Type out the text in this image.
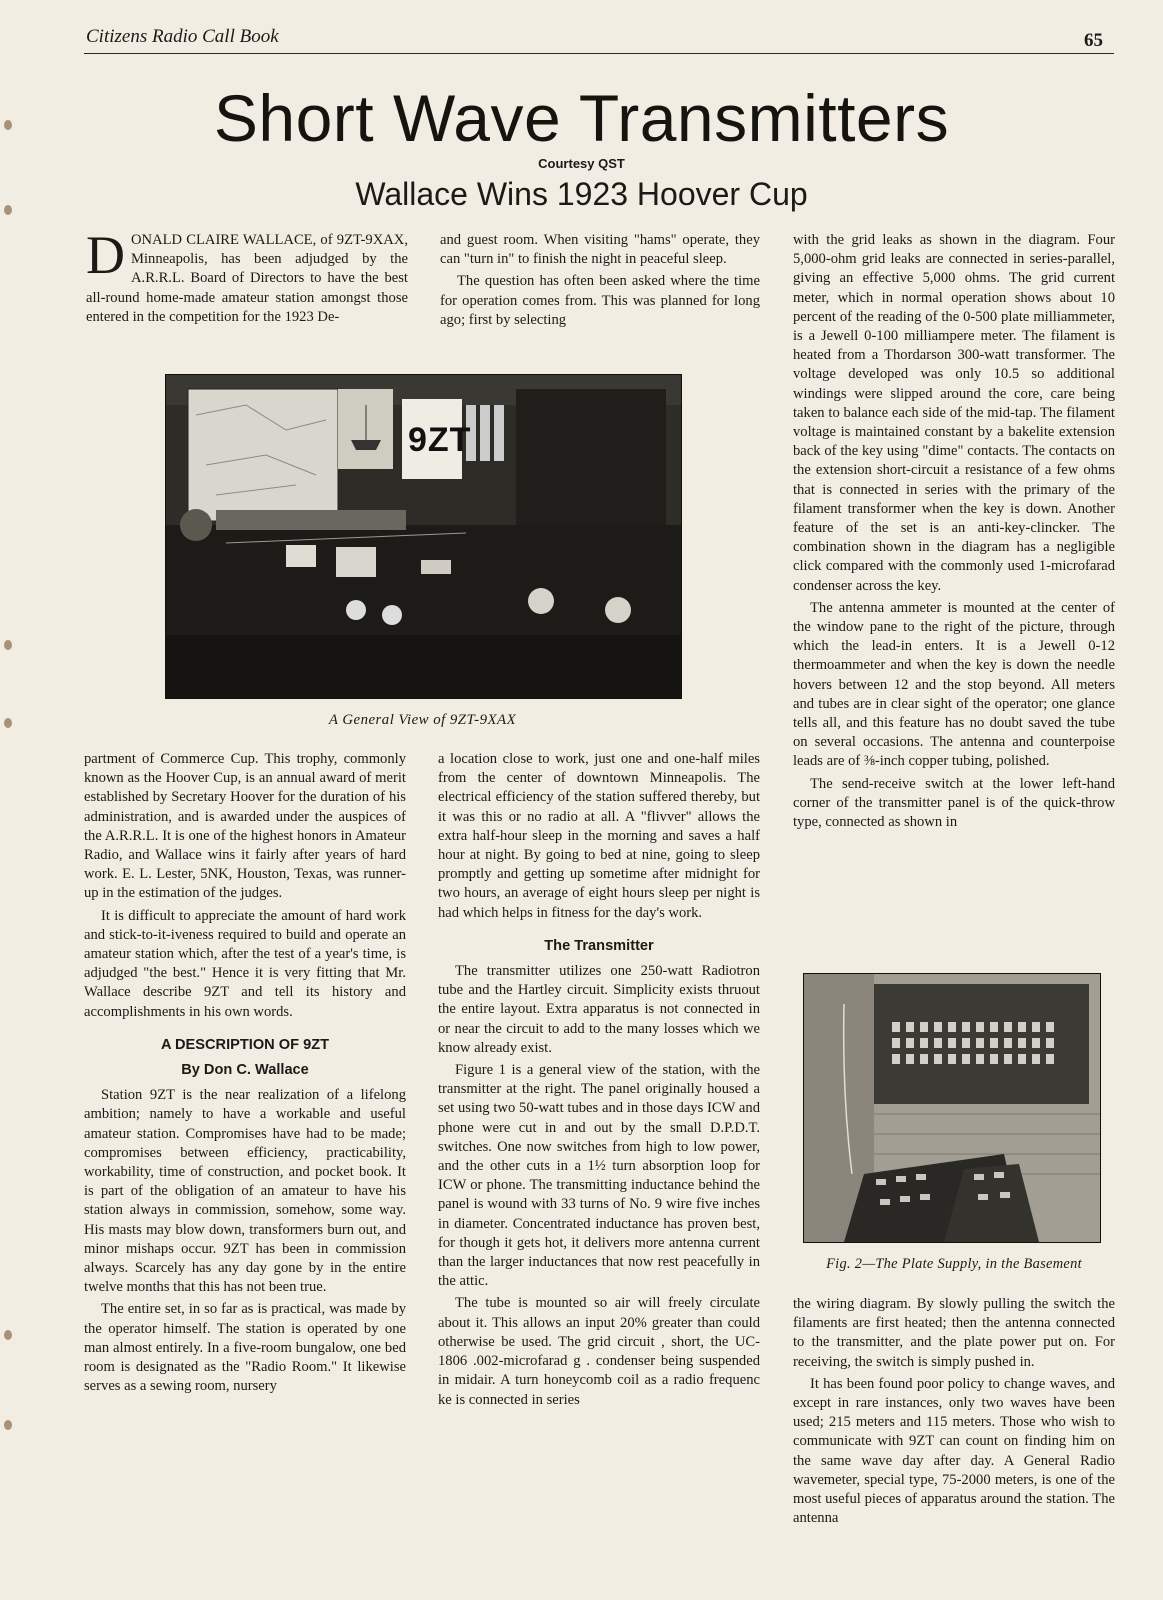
Citizens Radio Call Book	65
Short Wave Transmitters
Courtesy QST
Wallace Wins 1923 Hoover Cup

DONALD CLAIRE WALLACE, of 9ZT-9XAX, Minneapolis, has been adjudged by the A.R.R.L. Board of Directors to have the best all-round home-made amateur station amongst those entered in the competition for the 1923 De-

and guest room. When visiting "hams" operate, they can "turn in" to finish the night in peaceful sleep.

The question has often been asked where the time for operation comes from. This was planned for long ago; first by selecting

with the grid leaks as shown in the diagram. Four 5,000-ohm grid leaks are connected in series-parallel, giving an effective 5,000 ohms. The grid current meter, which in normal operation shows about 10 percent of the reading of the 0-500 plate milliammeter, is a Jewell 0-100 milliampere meter. The filament is heated from a Thordarson 300-watt transformer. The voltage developed was only 10.5 so additional windings were slipped around the core, care being taken to balance each side of the mid-tap. The filament voltage is maintained constant by a bakelite extension back of the key using "dime" contacts. The contacts on the extension short-circuit a resistance of a few ohms that is connected in series with the primary of the filament transformer when the key is down. Another feature of the set is an anti-key-clincker. The combination shown in the diagram has a negligible click compared with the commonly used 1-microfarad condenser across the key.

The antenna ammeter is mounted at the center of the window pane to the right of the picture, through which the lead-in enters. It is a Jewell 0-12 thermoammeter and when the key is down the needle hovers between 12 and the stop beyond. All meters and tubes are in clear sight of the operator; one glance tells all, and this feature has no doubt saved the tube on several occasions. The antenna and counterpoise leads are of ⅜-inch copper tubing, polished.

The send-receive switch at the lower left-hand corner of the transmitter panel is of the quick-throw type, connected as shown in

9ZT
A General View of 9ZT-9XAX

partment of Commerce Cup. This trophy, commonly known as the Hoover Cup, is an annual award of merit established by Secretary Hoover for the duration of his administration, and is awarded under the auspices of the A.R.R.L. It is one of the highest honors in Amateur Radio, and Wallace wins it fairly after years of hard work. E. L. Lester, 5NK, Houston, Texas, was runner-up in the estimation of the judges.

It is difficult to appreciate the amount of hard work and stick-to-it-iveness required to build and operate an amateur station which, after the test of a year's time, is adjudged "the best." Hence it is very fitting that Mr. Wallace describe 9ZT and tell its history and accomplishments in his own words.

A DESCRIPTION OF 9ZT
By Don C. Wallace

Station 9ZT is the near realization of a lifelong ambition; namely to have a workable and useful amateur station. Compromises have had to be made; compromises between efficiency, practicability, workability, time of construction, and pocket book. It is part of the obligation of an amateur to have his station always in commission, somehow, some way. His masts may blow down, transformers burn out, and minor mishaps occur. 9ZT has been in commission always. Scarcely has any day gone by in the entire twelve months that this has not been true.

The entire set, in so far as is practical, was made by the operator himself. The station is operated by one man almost entirely. In a five-room bungalow, one bed room is designated as the "Radio Room." It likewise serves as a sewing room, nursery

a location close to work, just one and one-half miles from the center of downtown Minneapolis. The electrical efficiency of the station suffered thereby, but it was this or no radio at all. A "flivver" allows the extra half-hour sleep in the morning and saves a half hour at night. By going to bed at nine, going to sleep promptly and getting up sometime after midnight for two hours, an average of eight hours sleep per night is had which helps in fitness for the day's work.

The Transmitter

The transmitter utilizes one 250-watt Radiotron tube and the Hartley circuit. Simplicity exists thruout the entire layout. Extra apparatus is not connected in or near the circuit to add to the many losses which we know already exist.

Figure 1 is a general view of the station, with the transmitter at the right. The panel originally housed a set using two 50-watt tubes and in those days ICW and phone were cut in and out by the small D.P.D.T. switches. One now switches from high to low power, and the other cuts in a 1½ turn absorption loop for ICW or phone. The transmitting inductance behind the panel is wound with 33 turns of No. 9 wire five inches in diameter. Concentrated inductance has proven best, for though it gets hot, it delivers more antenna current than the larger inductances that now rest peacefully in the attic.

The tube is mounted so air will freely circulate about it. This allows an input 20% greater than could otherwise be used. The grid circuit , short, the UC-1806 .002-microfarad g . condenser being suspended in midair. A turn honeycomb coil as a radio frequenc ke is connected in series

Fig. 2—The Plate Supply, in the Basement

the wiring diagram. By slowly pulling the switch the filaments are first heated; then the antenna connected to the transmitter, and the plate power put on. For receiving, the switch is simply pushed in.

It has been found poor policy to change waves, and except in rare instances, only two waves have been used; 215 meters and 115 meters. Those who wish to communicate with 9ZT can count on finding him on the same wave day after day. A General Radio wavemeter, special type, 75-2000 meters, is one of the most useful pieces of apparatus around the station. The antenna
